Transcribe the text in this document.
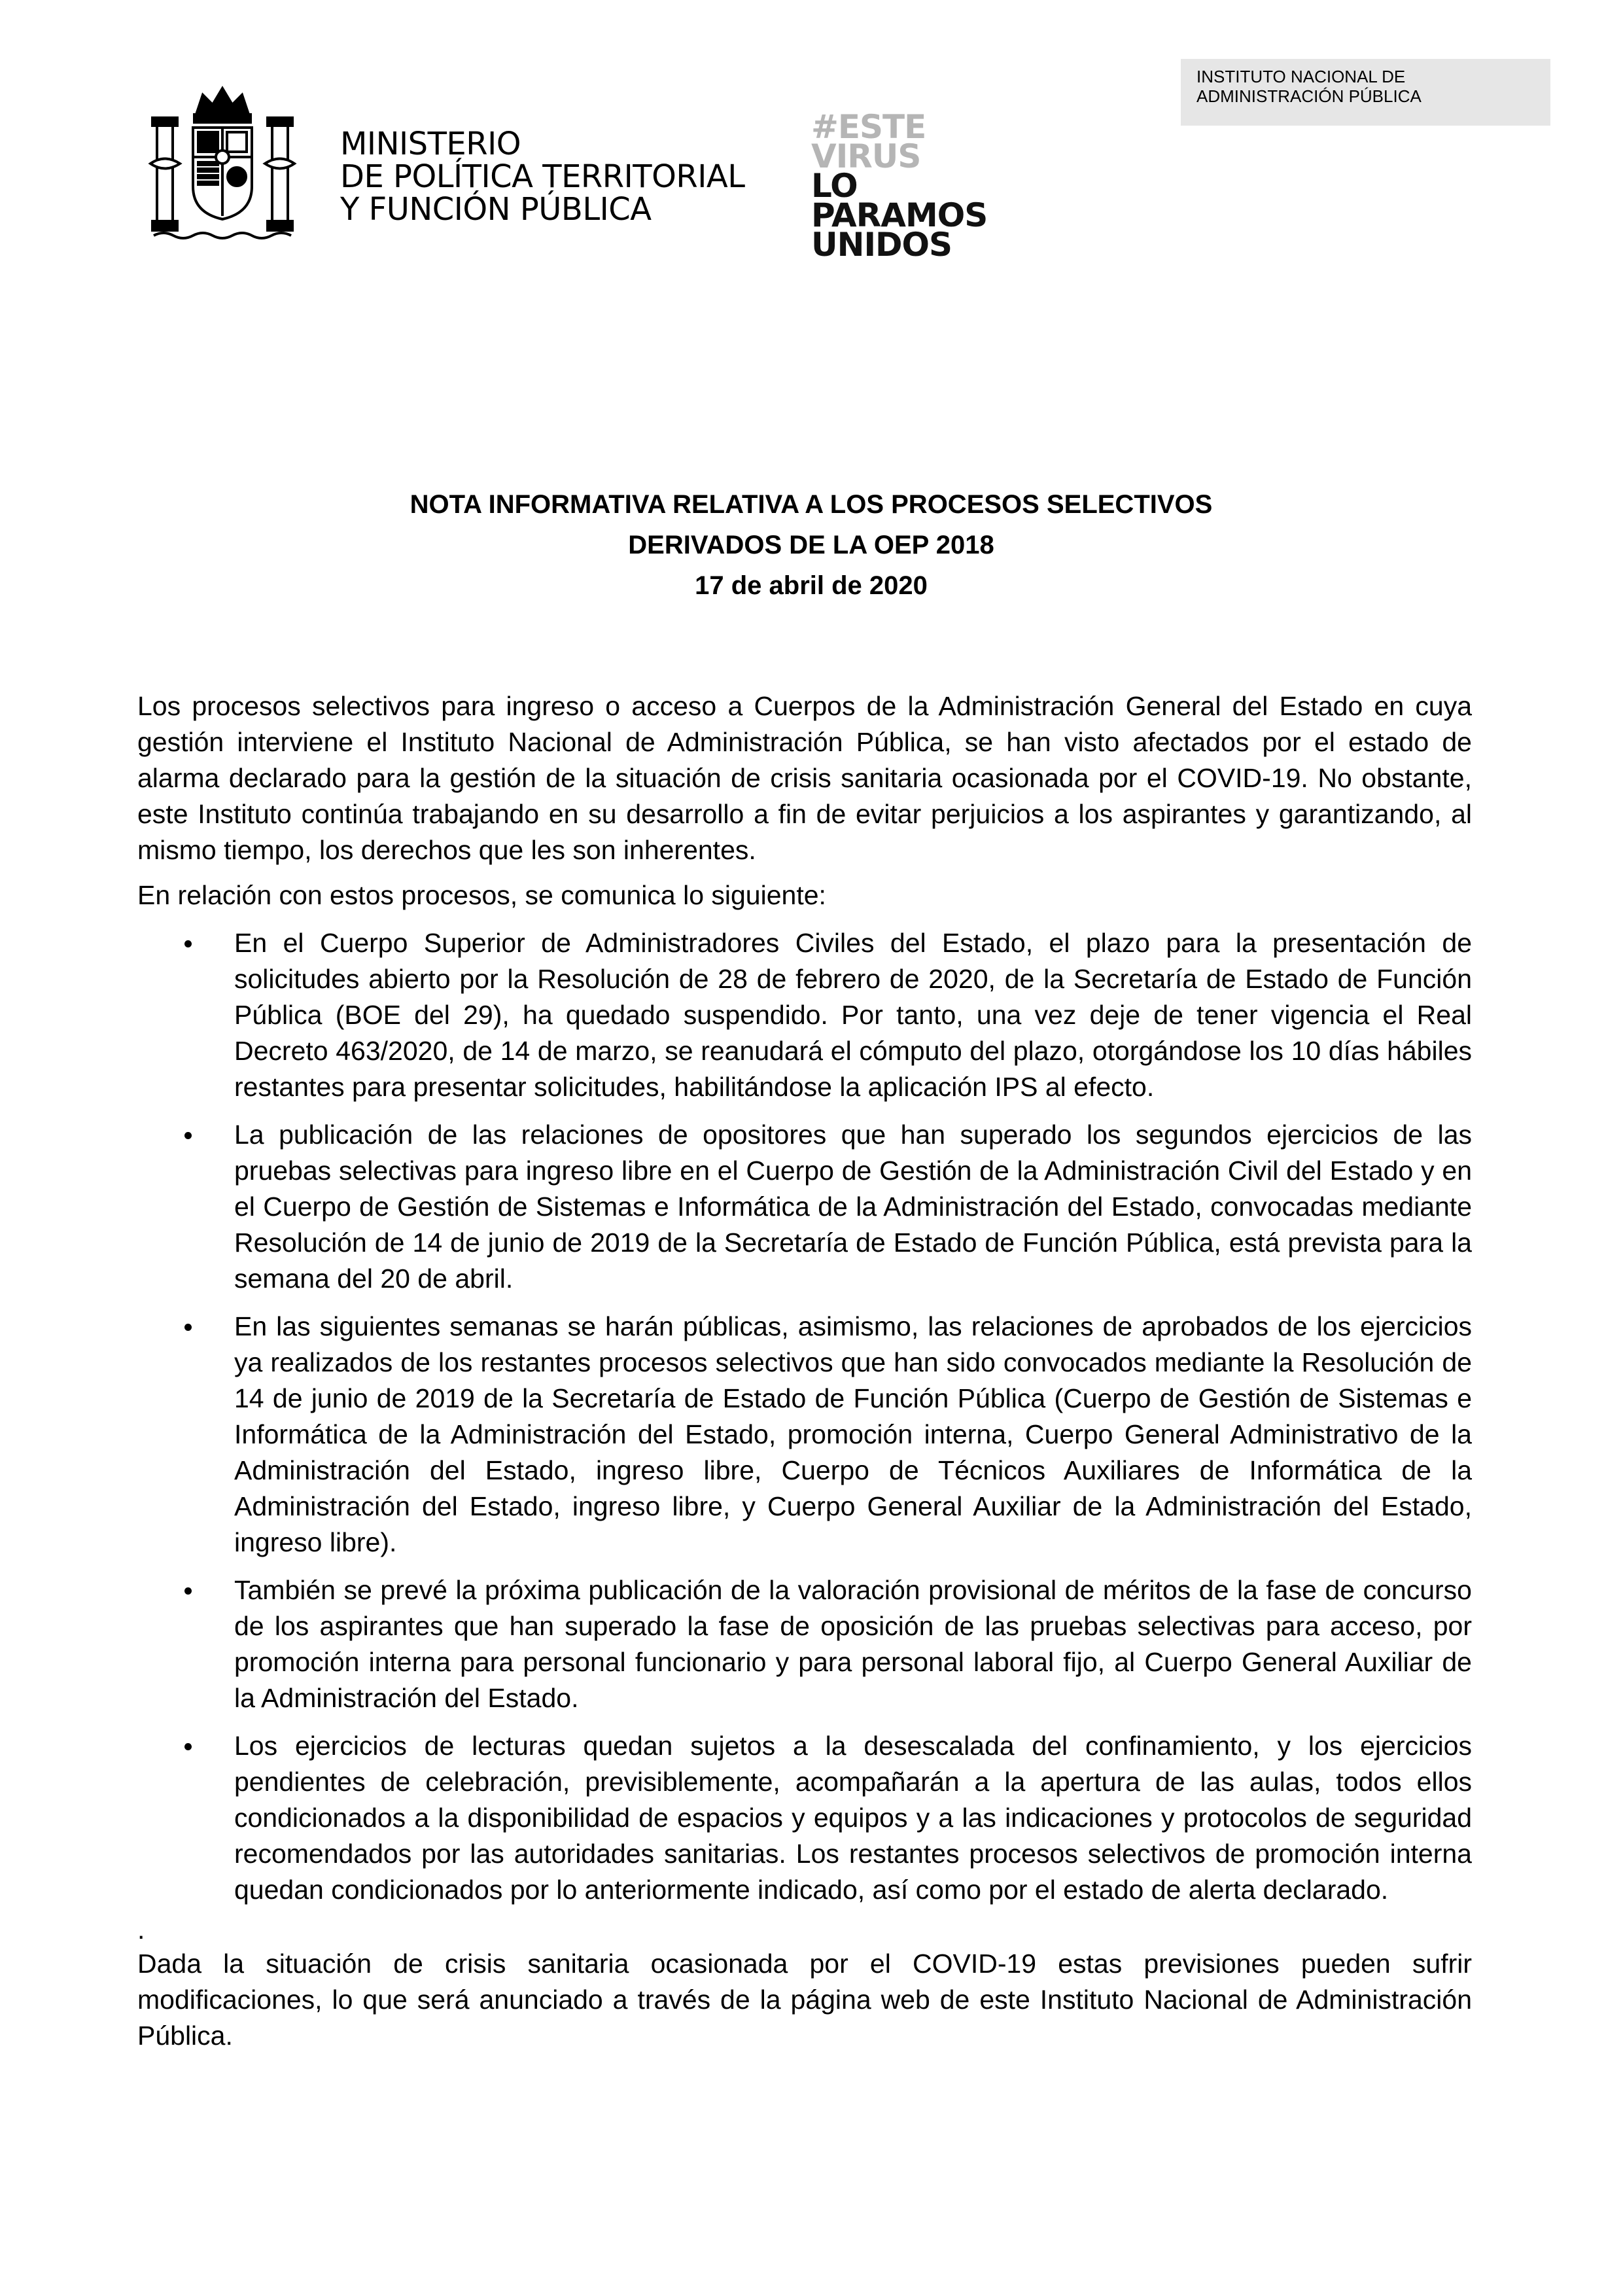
MINISTERIO
DE POLÍTICA TERRITORIAL
Y FUNCIÓN PÚBLICA
#ESTE
VIRUS
LO
PARAMOS
UNIDOS
INSTITUTO NACIONAL DE
ADMINISTRACIÓN PÚBLICA
NOTA INFORMATIVA RELATIVA A LOS PROCESOS SELECTIVOS
DERIVADOS DE LA OEP 2018
17 de abril de 2020

Los procesos selectivos para ingreso o acceso a Cuerpos de la Administración General del Estado en cuya gestión interviene el Instituto Nacional de Administración Pública, se han visto afectados por el estado de alarma declarado para la gestión de la situación de crisis sanitaria ocasionada por el COVID-19. No obstante, este Instituto continúa trabajando en su desarrollo a fin de evitar perjuicios a los aspirantes y garantizando, al mismo tiempo, los derechos que les son inherentes.

En relación con estos procesos, se comunica lo siguiente:

En el Cuerpo Superior de Administradores Civiles del Estado, el plazo para la presentación de solicitudes abierto por la Resolución de 28 de febrero de 2020, de la Secretaría de Estado de Función Pública (BOE del 29), ha quedado suspendido. Por tanto, una vez deje de tener vigencia el Real Decreto 463/2020, de 14 de marzo, se reanudará el cómputo del plazo, otorgándose los 10 días hábiles restantes para presentar solicitudes, habilitándose la aplicación IPS al efecto.
La publicación de las relaciones de opositores que han superado los segundos ejercicios de las pruebas selectivas para ingreso libre en el Cuerpo de Gestión de la Administración Civil del Estado y en el Cuerpo de Gestión de Sistemas e Informática de la Administración del Estado, convocadas mediante Resolución de 14 de junio de 2019 de la Secretaría de Estado de Función Pública, está prevista para la semana del 20 de abril.
En las siguientes semanas se harán públicas, asimismo, las relaciones de aprobados de los ejercicios ya realizados de los restantes procesos selectivos que han sido convocados mediante la Resolución de 14 de junio de 2019 de la Secretaría de Estado de Función Pública (Cuerpo de Gestión de Sistemas e Informática de la Administración del Estado, promoción interna, Cuerpo General Administrativo de la Administración del Estado, ingreso libre, Cuerpo de Técnicos Auxiliares de Informática de la Administración del Estado, ingreso libre, y Cuerpo General Auxiliar de la Administración del Estado, ingreso libre).
También se prevé la próxima publicación de la valoración provisional de méritos de la fase de concurso de los aspirantes que han superado la fase de oposición de las pruebas selectivas para acceso, por promoción interna para personal funcionario y para personal laboral fijo, al Cuerpo General Auxiliar de la Administración del Estado.
Los ejercicios de lecturas quedan sujetos a la desescalada del confinamiento, y los ejercicios pendientes de celebración, previsiblemente, acompañarán a la apertura de las aulas, todos ellos condicionados a la disponibilidad de espacios y equipos y a las indicaciones y protocolos de seguridad recomendados por las autoridades sanitarias. Los restantes procesos selectivos de promoción interna quedan condicionados por lo anteriormente indicado, así como por el estado de alerta declarado.

.

Dada la situación de crisis sanitaria ocasionada por el COVID-19 estas previsiones pueden sufrir modificaciones, lo que será anunciado a través de la página web de este Instituto Nacional de Administración Pública.
